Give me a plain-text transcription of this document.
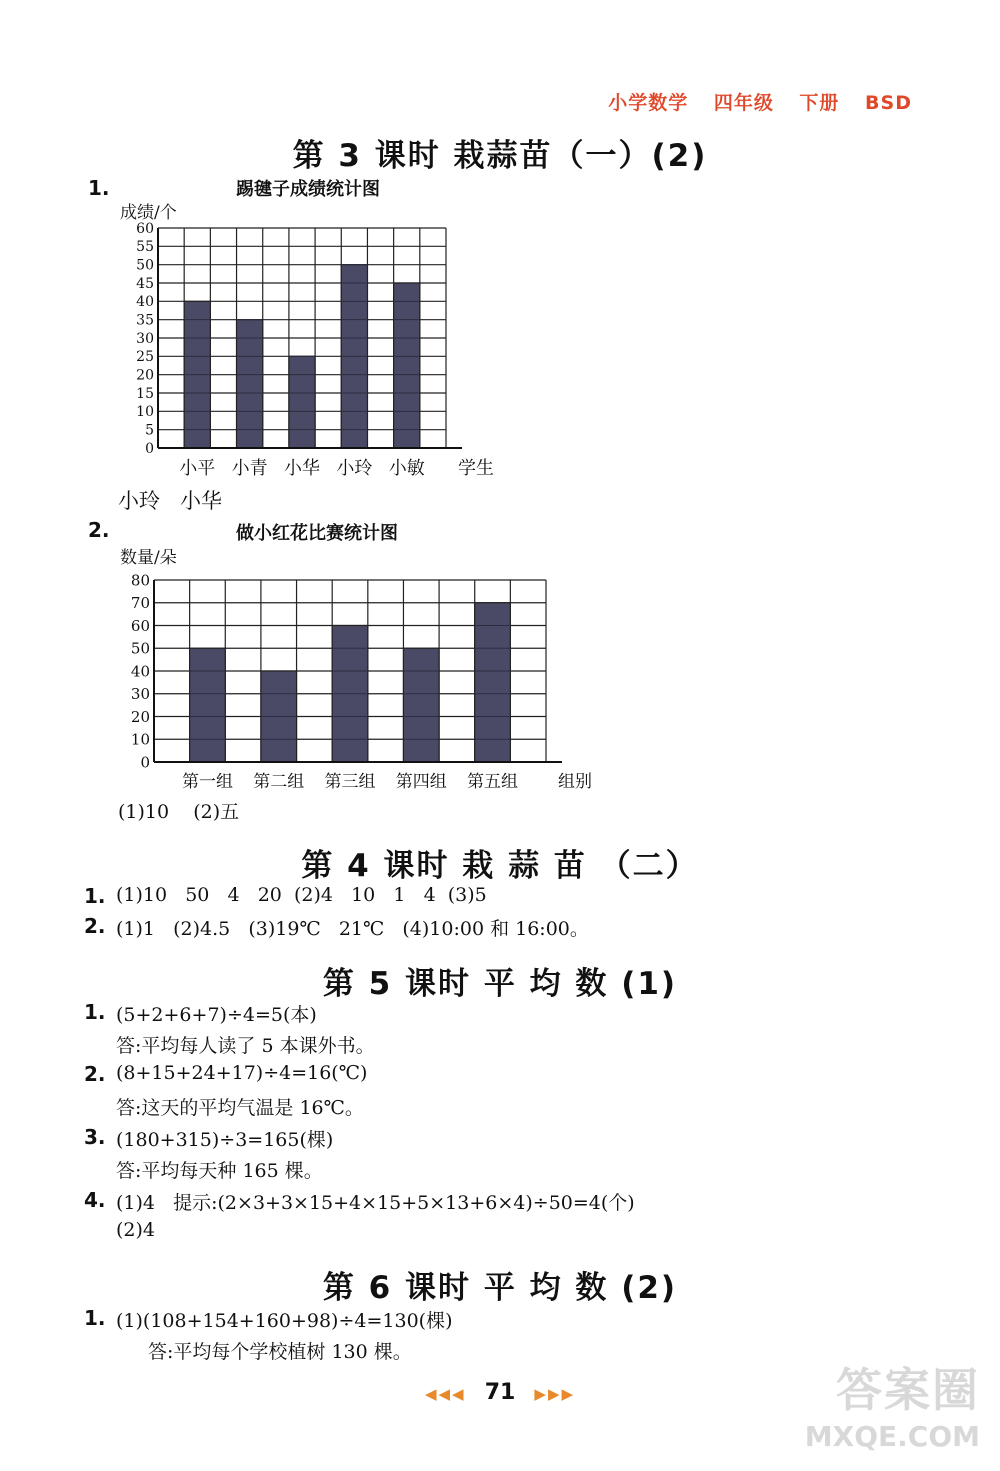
小学数学 四年级 下册 BSD
第 3 课时 栽蒜苗（一）(2)
1.	踢毽子成绩统计图
成绩/个
0
5
10
15
20
25
30
35
40
45
50
55
60
小平 小青 小华 小玲 小敏 学生
小玲   小华
2.	做小红花比赛统计图
数量/朵
0
10
20
30
40
50
60
70
80
第一组 第二组 第三组 第四组 第五组 组别
(1)10    (2)五
第 4 课时 栽 蒜 苗 （二）
1. (1)10   50   4   20  (2)4   10   1   4  (3)5
2. (1)1   (2)4.5   (3)19℃   21℃   (4)10:00 和 16:00。
第 5 课时 平 均 数 (1)
1. (5+2+6+7)÷4=5(本)
答:平均每人读了 5 本课外书。
2. (8+15+24+17)÷4=16(℃)
答:这天的平均气温是 16℃。
3. (180+315)÷3=165(棵)
答:平均每天种 165 棵。
4. (1)4   提示:(2×3+3×15+4×15+5×13+6×4)÷50=4(个)
(2)4
第 6 课时 平 均 数 (2)
1. (1)(108+154+160+98)÷4=130(棵)
答:平均每个学校植树 130 棵。
◀◀◀ 71 ▶▶▶	答案圈
MXQE.COM
